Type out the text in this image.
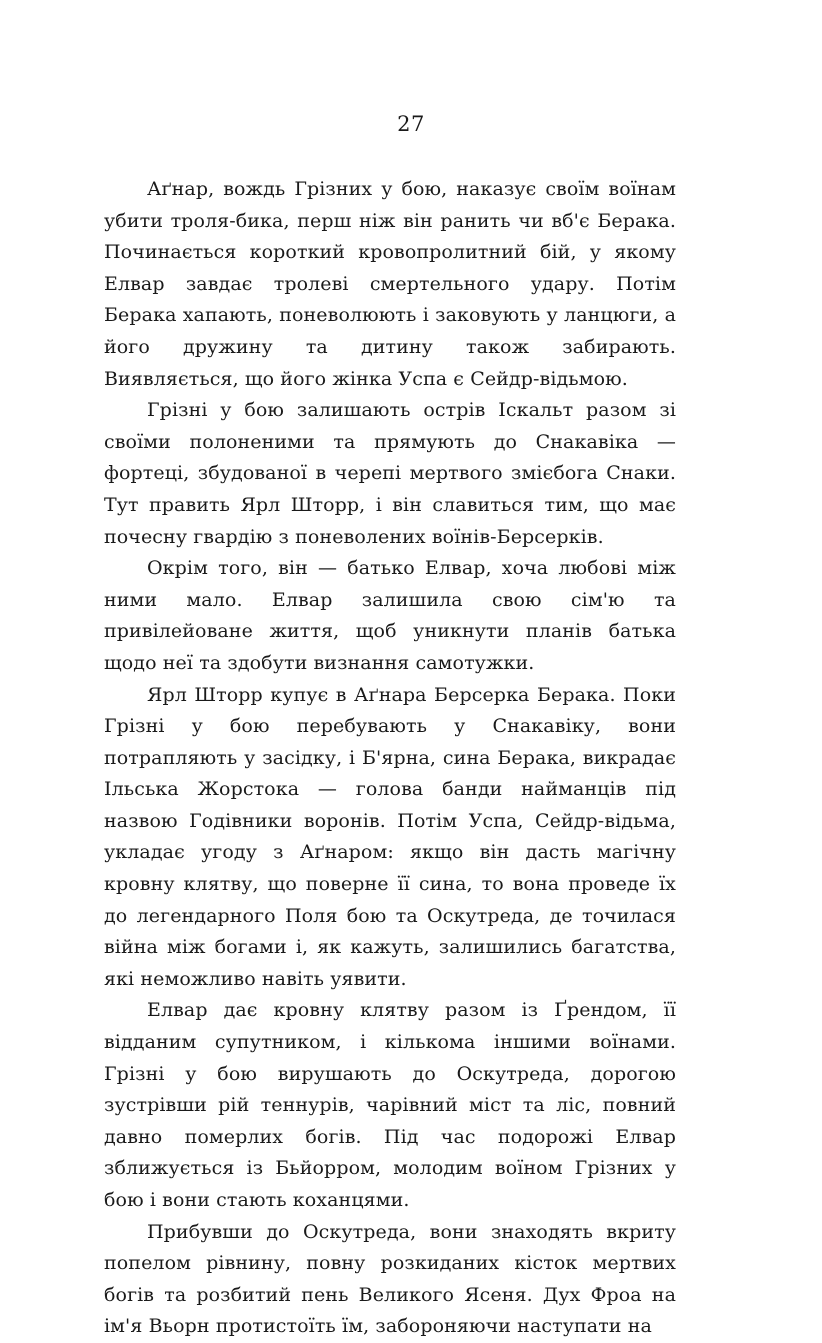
27

Аґнар, вождь Грізних у бою, наказує своїм воїнам убити троля-бика, перш ніж він ранить чи вб'є Берака. Починається короткий кровопролитний бій, у якому Елвар завдає тролеві смертельного удару. Потім Берака хапають, поневолюють і заковують у ланцюги, а його дружину та дитину також забирають. Виявляється, що його жінка Успа є Сейдр-відьмою.

Грізні у бою залишають острів Іскальт разом зі своїми полоненими та прямують до Снакавіка — фортеці, збудованої в черепі мертвого змієбога Снаки. Тут править Ярл Шторр, і він славиться тим, що має почесну гвардію з поневолених воїнів-Берсерків.

Окрім того, він — батько Елвар, хоча любові між ними мало. Елвар залишила свою сім'ю та привілейоване життя, щоб уникнути планів батька щодо неї та здобути визнання самотужки.

Ярл Шторр купує в Аґнара Берсерка Берака. Поки Грізні у бою перебувають у Снакавіку, вони потрапляють у засідку, і Б'ярна, сина Берака, викрадає Ільська Жорстока — голова банди найманців під назвою Годівники воронів. Потім Успа, Сейдр-відьма, укладає угоду з Аґнаром: якщо він дасть магічну кровну клятву, що поверне її сина, то вона проведе їх до легендарного Поля бою та Оскутреда, де точилася війна між богами і, як кажуть, залишились багатства, які неможливо навіть уявити.

Елвар дає кровну клятву разом із Ґрендом, її відданим супутником, і кількома іншими воїнами. Грізні у бою вирушають до Оскутреда, дорогою зустрівши рій теннурів, чарівний міст та ліс, повний давно померлих богів. Під час подорожі Елвар зближується із Бьйорром, молодим воїном Грізних у бою і вони стають коханцями.

Прибувши до Оскутреда, вони знаходять вкриту попелом рівнину, повну розкиданих кісток мертвих богів та розбитий пень Великого Ясеня. Дух Фроа на ім'я Вьорн протистоїть їм, забороняючи наступати на
